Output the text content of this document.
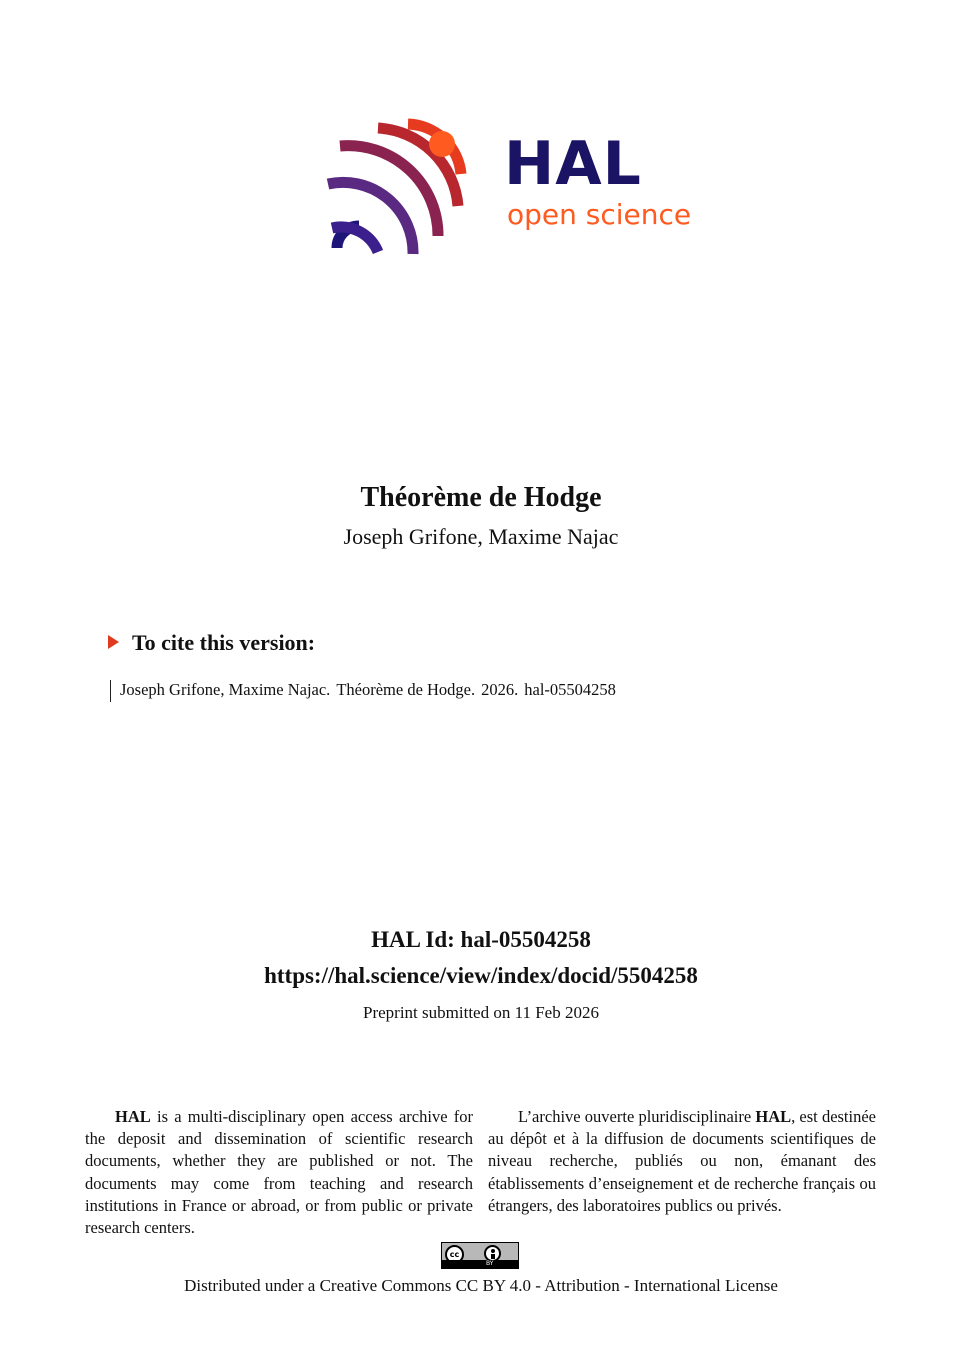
HAL
open science
Théorème de Hodge
Joseph Grifone, Maxime Najac
To cite this version:
Joseph Grifone, Maxime Najac. Théorème de Hodge. 2026. hal-05504258
HAL Id: hal-05504258
https://hal.science/view/index/docid/5504258
Preprint submitted on 11 Feb 2026
HAL is a multi-disciplinary open access archive for the deposit and dissemination of scientific research documents, whether they are published or not. The documents may come from teaching and research institutions in France or abroad, or from public or private research centers.
L’archive ouverte pluridisciplinaire HAL, est destinée au dépôt et à la diffusion de documents scientifiques de niveau recherche, publiés ou non, émanant des établissements d’enseignement et de recherche français ou étrangers, des laboratoires publics ou privés.
cc
BY
Distributed under a Creative Commons CC BY 4.0 - Attribution - International License
